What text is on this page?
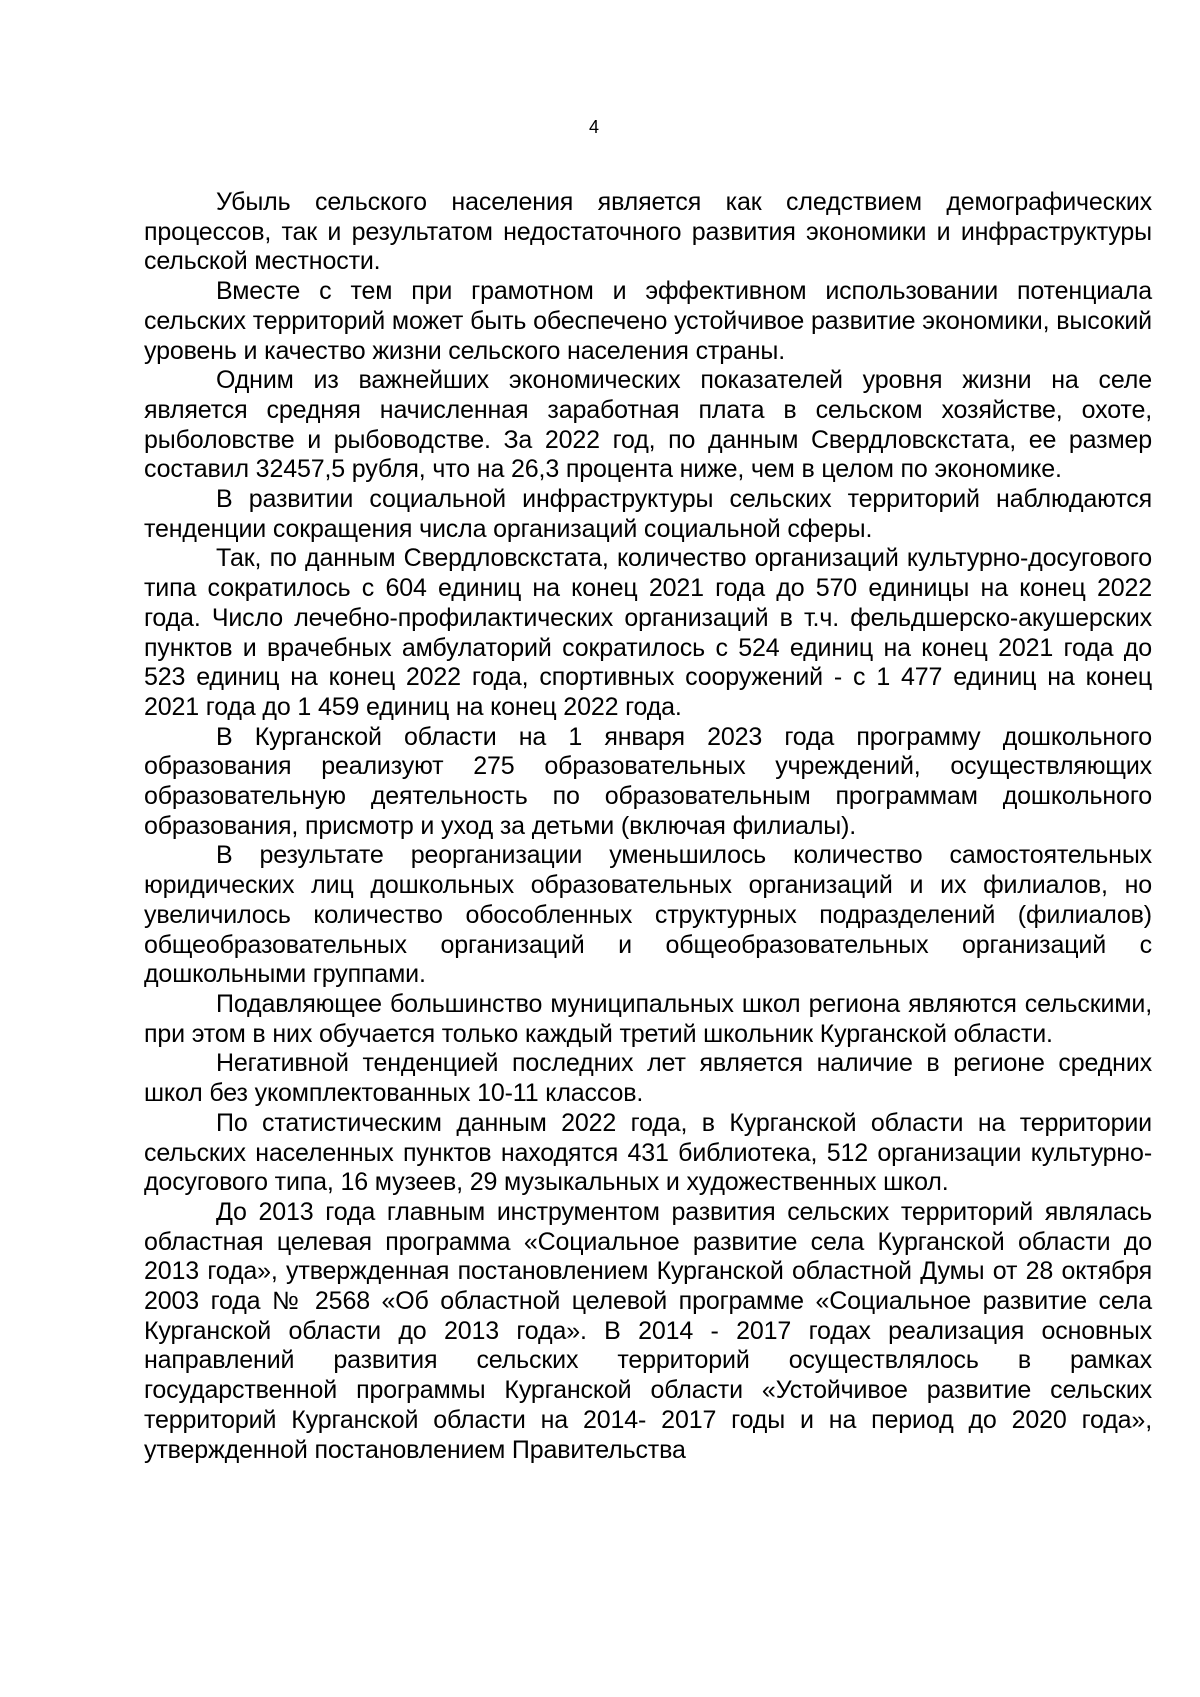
4

Убыль сельского населения является как следствием демографических процессов, так и результатом недостаточного развития экономики и инфраструктуры сельской местности.

Вместе с тем при грамотном и эффективном использовании потенциала сельских территорий может быть обеспечено устойчивое развитие экономики, высокий уровень и качество жизни сельского населения страны.

Одним из важнейших экономических показателей уровня жизни на селе является средняя начисленная заработная плата в сельском хозяйстве, охоте, рыболовстве и рыбоводстве. За 2022 год, по данным Свердловскстата, ее размер составил 32457,5 рубля, что на 26,3 процента ниже, чем в целом по экономике.

В развитии социальной инфраструктуры сельских территорий наблюдаются тенденции сокращения числа организаций социальной сферы.

Так, по данным Свердловскстата, количество организаций культурно-досугового типа сократилось с 604 единиц на конец 2021 года до 570 единицы на конец 2022 года. Число лечебно-профилактических организаций в т.ч. фельдшерско-акушерских пунктов и врачебных амбулаторий сократилось с 524 единиц на конец 2021 года до 523 единиц на конец 2022 года, спортивных сооружений - с 1 477 единиц на конец 2021 года до 1 459 единиц на конец 2022 года.

В Курганской области на 1 января 2023 года программу дошкольного образования реализуют 275 образовательных учреждений, осуществляющих образовательную деятельность по образовательным программам дошкольного образования, присмотр и уход за детьми (включая филиалы).

В результате реорганизации уменьшилось количество самостоятельных юридических лиц дошкольных образовательных организаций и их филиалов, но увеличилось количество обособленных структурных подразделений (филиалов) общеобразовательных организаций и общеобразовательных организаций с дошкольными группами.

Подавляющее большинство муниципальных школ региона являются сельскими, при этом в них обучается только каждый третий школьник Курганской области.

Негативной тенденцией последних лет является наличие в регионе средних школ без укомплектованных 10-11 классов.

По статистическим данным 2022 года, в Курганской области на территории сельских населенных пунктов находятся 431 библиотека, 512 организации культурно-досугового типа, 16 музеев, 29 музыкальных и художественных школ.

До 2013 года главным инструментом развития сельских территорий являлась областная целевая программа «Социальное развитие села Курганской области до 2013 года», утвержденная постановлением Курганской областной Думы от 28 октября 2003 года № 2568 «Об областной целевой программе «Социальное развитие села Курганской области до 2013 года». В 2014 - 2017 годах реализация основных направлений развития сельских территорий осуществлялось в рамках государственной программы Курганской области «Устойчивое развитие сельских территорий Курганской области на 2014- 2017 годы и на период до 2020 года», утвержденной постановлением Правительства
